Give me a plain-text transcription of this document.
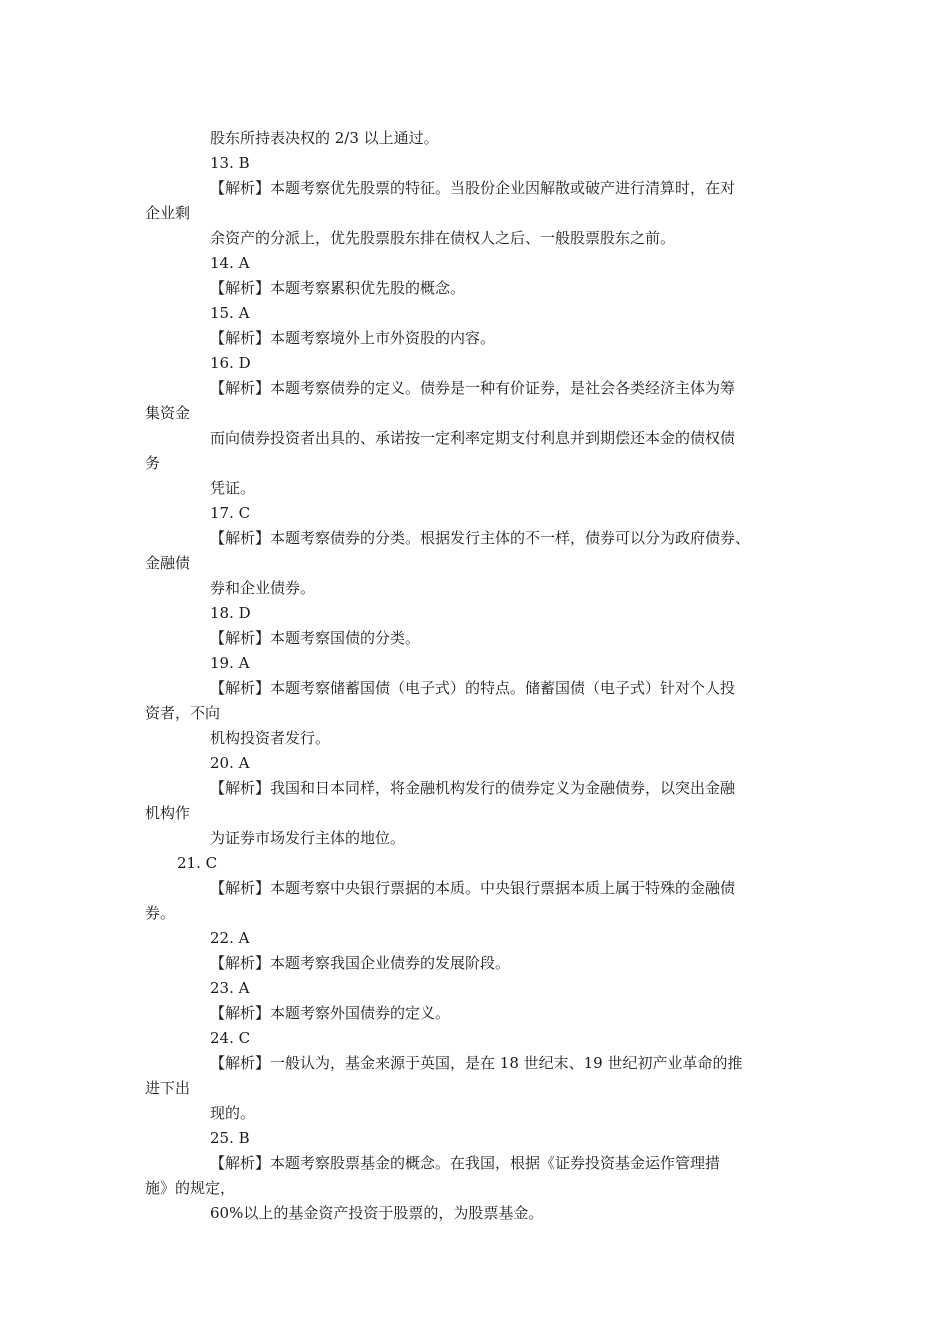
股东所持表决权的 2/3 以上通过。
13. B
【解析】本题考察优先股票的特征。当股份企业因解散或破产进行清算时，在对
企业剩
余资产的分派上，优先股票股东排在债权人之后、一般股票股东之前。
14. A
【解析】本题考察累积优先股的概念。
15. A
【解析】本题考察境外上市外资股的内容。
16. D
【解析】本题考察债券的定义。债券是一种有价证券，是社会各类经济主体为筹
集资金
而向债券投资者出具的、承诺按一定利率定期支付利息并到期偿还本金的债权债
务
凭证。
17. C
【解析】本题考察债券的分类。根据发行主体的不一样，债券可以分为政府债券、
金融债
券和企业债券。
18. D
【解析】本题考察国债的分类。
19. A
【解析】本题考察储蓄国债（电子式）的特点。储蓄国债（电子式）针对个人投
资者，不向
机构投资者发行。
20. A
【解析】我国和日本同样，将金融机构发行的债券定义为金融债券，以突出金融
机构作
为证券市场发行主体的地位。
21. C
【解析】本题考察中央银行票据的本质。中央银行票据本质上属于特殊的金融债
券。
22. A
【解析】本题考察我国企业债券的发展阶段。
23. A
【解析】本题考察外国债券的定义。
24. C
【解析】一般认为，基金来源于英国，是在 18 世纪末、19 世纪初产业革命的推
进下出
现的。
25. B
【解析】本题考察股票基金的概念。在我国，根据《证券投资基金运作管理措
施》的规定，
60%以上的基金资产投资于股票的，为股票基金。
